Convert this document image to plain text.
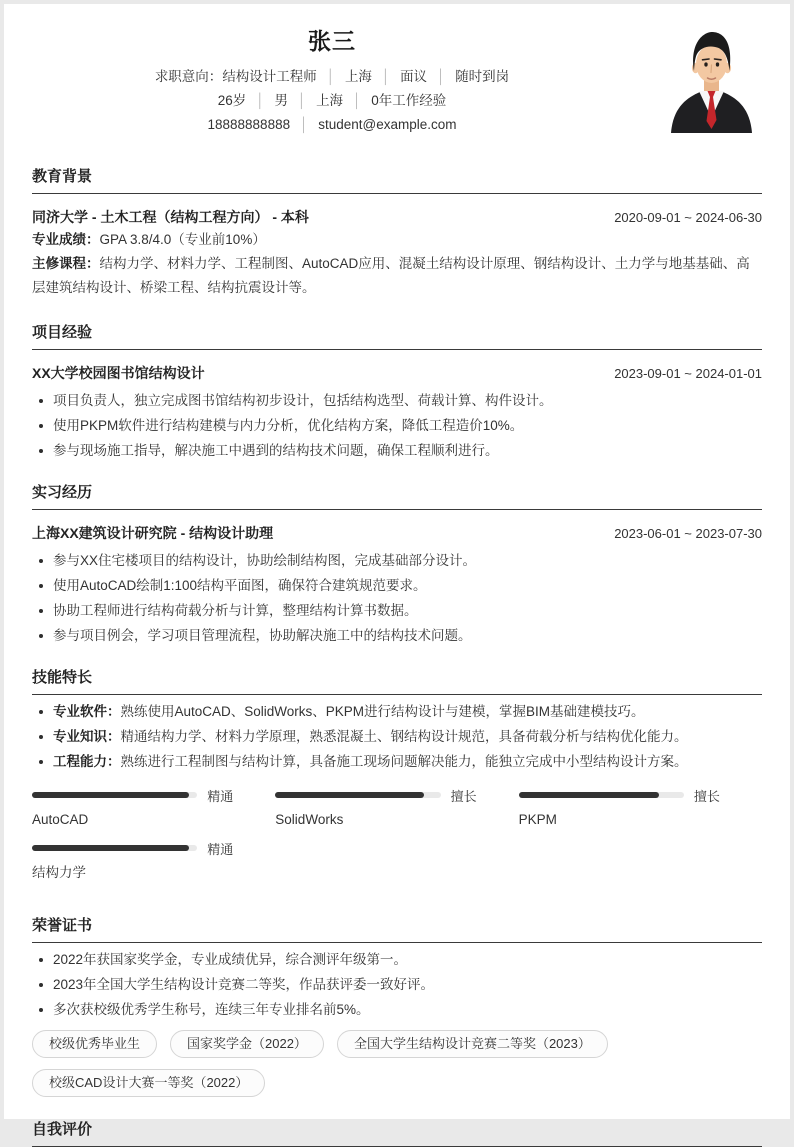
张三
求职意向：结构设计工程师 │ 上海 │ 面议 │ 随时到岗
26岁 │ 男 │ 上海 │ 0年工作经验
18888888888 │ student@example.com
教育背景
同济大学 - 土木工程（结构工程方向） - 本科	2020-09-01 ~ 2024-06-30
专业成绩：GPA 3.8/4.0（专业前10%）
主修课程：结构力学、材料力学、工程制图、AutoCAD应用、混凝土结构设计原理、钢结构设计、土力学与地基基础、高层建筑结构设计、桥梁工程、结构抗震设计等。
项目经验
XX大学校园图书馆结构设计	2023-09-01 ~ 2024-01-01
项目负责人，独立完成图书馆结构初步设计，包括结构选型、荷载计算、构件设计。
使用PKPM软件进行结构建模与内力分析，优化结构方案，降低工程造价10%。
参与现场施工指导，解决施工中遇到的结构技术问题，确保工程顺利进行。
实习经历
上海XX建筑设计研究院 - 结构设计助理	2023-06-01 ~ 2023-07-30
参与XX住宅楼项目的结构设计，协助绘制结构图，完成基础部分设计。
使用AutoCAD绘制1:100结构平面图，确保符合建筑规范要求。
协助工程师进行结构荷载分析与计算，整理结构计算书数据。
参与项目例会，学习项目管理流程，协助解决施工中的结构技术问题。
技能特长
专业软件：熟练使用AutoCAD、SolidWorks、PKPM进行结构设计与建模，掌握BIM基础建模技巧。
专业知识：精通结构力学、材料力学原理，熟悉混凝土、钢结构设计规范，具备荷载分析与结构优化能力。
工程能力：熟练进行工程制图与结构计算，具备施工现场问题解决能力，能独立完成中小型结构设计方案。
精通
AutoCAD
擅长
SolidWorks
擅长
PKPM
精通
结构力学
荣誉证书
2022年获国家奖学金，专业成绩优异，综合测评年级第一。
2023年全国大学生结构设计竞赛二等奖，作品获评委一致好评。
多次获校级优秀学生称号，连续三年专业排名前5%。
校级优秀毕业生	国家奖学金（2022）	全国大学生结构设计竞赛二等奖（2023）
校级CAD设计大赛一等奖（2022）
自我评价
